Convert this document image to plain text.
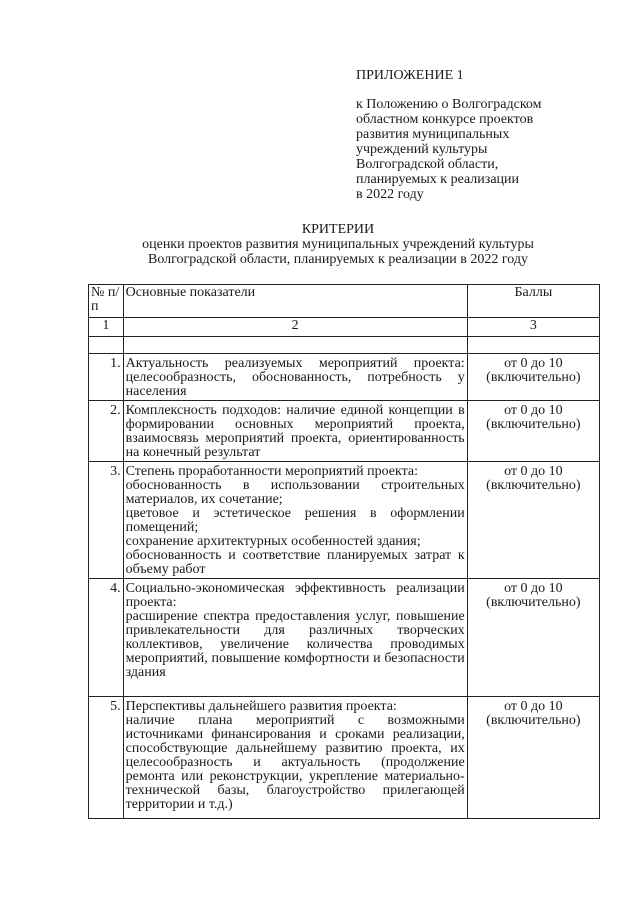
ПРИЛОЖЕНИЕ 1
к Положению о Волгоградском
областном конкурсе проектов
развития муниципальных
учреждений культуры
Волгоградской области,
планируемых к реализации
в 2022 году
КРИТЕРИИ
оценки проектов развития муниципальных учреждений культуры
Волгоградской области, планируемых к реализации в 2022 году
№ п/п	Основные показатели	Баллы
1	2	3

1.	Актуальность реализуемых мероприятий проекта: целесообразность, обоснованность, потребность у населения	от 0 до 10
(включительно)

2.	Комплексность подходов: наличие единой концепции в формировании основных мероприятий проекта, взаимосвязь мероприятий проекта, ориентированность на конечный результат	от 0 до 10
(включительно)

3.	Степень проработанности мероприятий проекта:
обоснованность в использовании строительных материалов, их сочетание;
цветовое и эстетическое решения в оформлении помещений;
сохранение архитектурных особенностей здания;
обоснованность и соответствие планируемых затрат к объему работ	от 0 до 10
(включительно)

4.	Социально-экономическая эффективность реализации проекта:
расширение спектра предоставления услуг, повышение привлекательности для различных творческих коллективов, увеличение количества проводимых мероприятий, повышение комфортности и безопасности здания	от 0 до 10
(включительно)

5.	Перспективы дальнейшего развития проекта:
наличие плана мероприятий с возможными источниками финансирования и сроками реализации, способствующие дальнейшему развитию проекта, их целесообразность и актуальность (продолжение ремонта или реконструкции, укрепление материально-технической базы, благоустройство прилегающей территории и т.д.)	от 0 до 10
(включительно)
